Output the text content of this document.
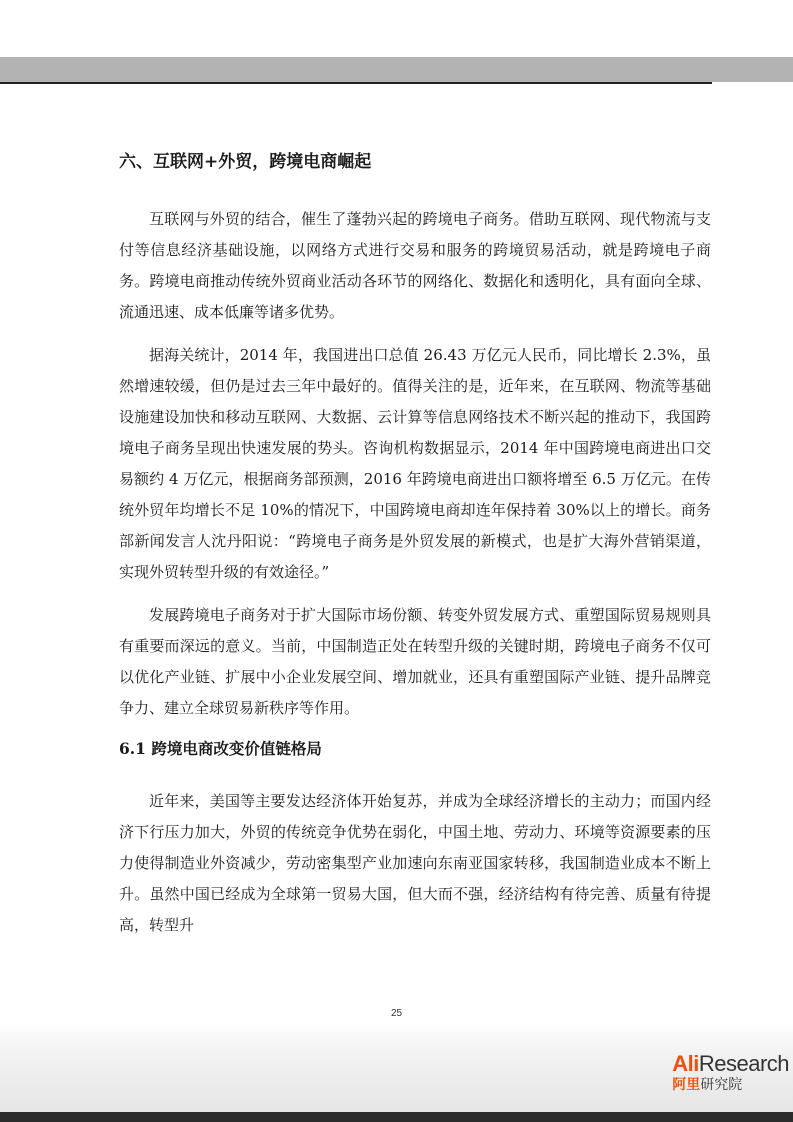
六、互联网+外贸，跨境电商崛起

互联网与外贸的结合，催生了蓬勃兴起的跨境电子商务。借助互联网、现代物流与支付等信息经济基础设施，以网络方式进行交易和服务的跨境贸易活动，就是跨境电子商务。跨境电商推动传统外贸商业活动各环节的网络化、数据化和透明化，具有面向全球、流通迅速、成本低廉等诸多优势。

据海关统计，2014 年，我国进出口总值 26.43 万亿元人民币，同比增长 2.3%，虽然增速较缓，但仍是过去三年中最好的。值得关注的是，近年来，在互联网、物流等基础设施建设加快和移动互联网、大数据、云计算等信息网络技术不断兴起的推动下，我国跨境电子商务呈现出快速发展的势头。咨询机构数据显示，2014 年中国跨境电商进出口交易额约 4 万亿元，根据商务部预测，2016 年跨境电商进出口额将增至 6.5 万亿元。在传统外贸年均增长不足 10%的情况下，中国跨境电商却连年保持着 30%以上的增长。商务部新闻发言人沈丹阳说：“跨境电子商务是外贸发展的新模式，也是扩大海外营销渠道，实现外贸转型升级的有效途径。”

发展跨境电子商务对于扩大国际市场份额、转变外贸发展方式、重塑国际贸易规则具有重要而深远的意义。当前，中国制造正处在转型升级的关键时期，跨境电子商务不仅可以优化产业链、扩展中小企业发展空间、增加就业，还具有重塑国际产业链、提升品牌竞争力、建立全球贸易新秩序等作用。

6.1 跨境电商改变价值链格局

近年来，美国等主要发达经济体开始复苏，并成为全球经济增长的主动力；而国内经济下行压力加大，外贸的传统竞争优势在弱化，中国土地、劳动力、环境等资源要素的压力使得制造业外资减少，劳动密集型产业加速向东南亚国家转移，我国制造业成本不断上升。虽然中国已经成为全球第一贸易大国，但大而不强，经济结构有待完善、质量有待提高，转型升

25
AliResearch
阿里研究院
